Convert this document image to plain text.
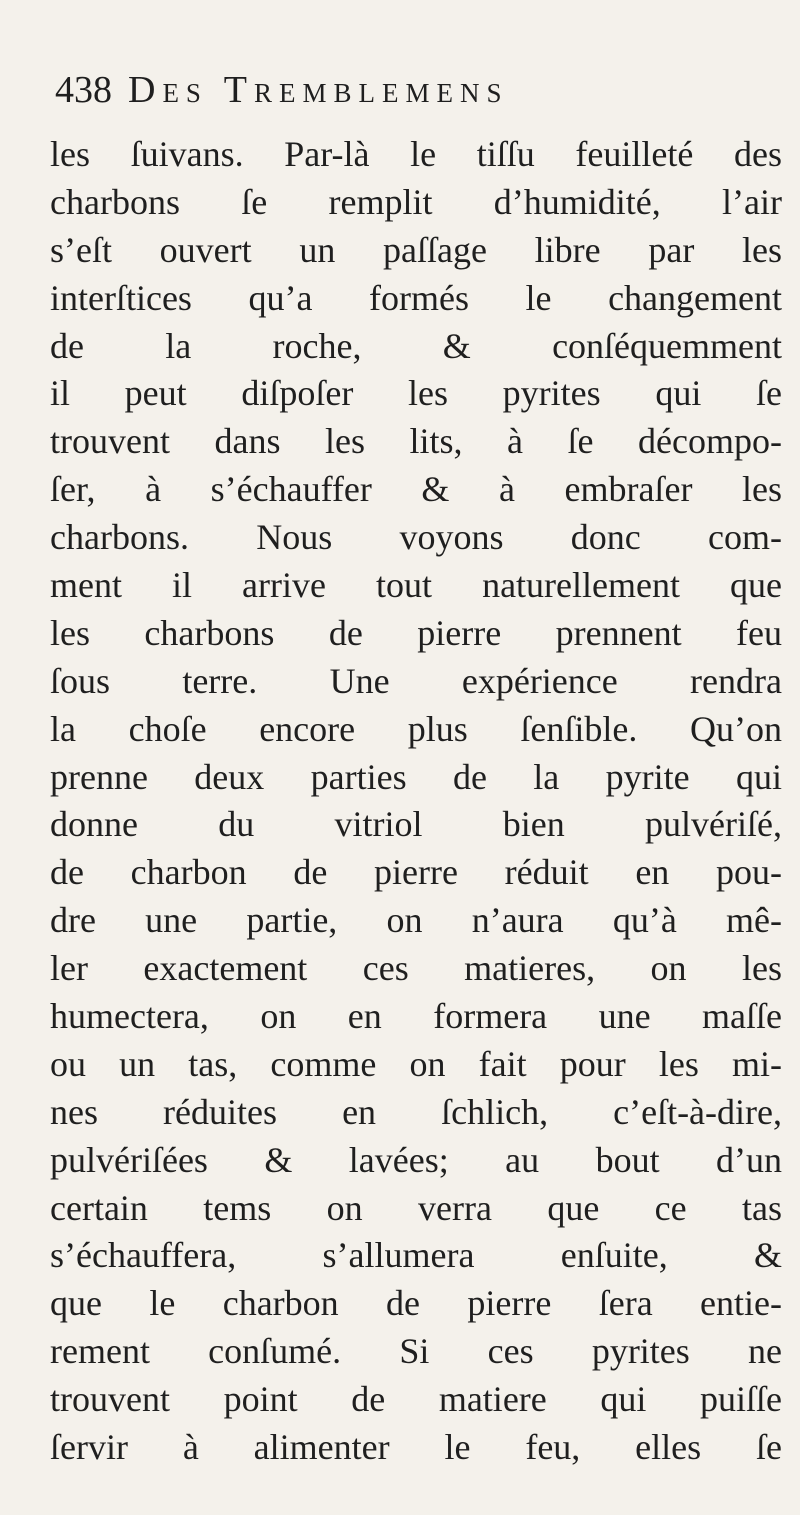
438 Des Tremblemens
les ſuivans. Par-là le tiſſu feuilleté des
charbons ſe remplit d’humidité, l’air
s’eſt ouvert un paſſage libre par les
interſtices qu’a formés le changement
de la roche, & conſéquemment
il peut diſpoſer les pyrites qui ſe
trouvent dans les lits, à ſe décompo-
ſer, à s’échauffer & à embraſer les
charbons. Nous voyons donc com-
ment il arrive tout naturellement que
les charbons de pierre prennent feu
ſous terre. Une expérience rendra
la choſe encore plus ſenſible. Qu’on
prenne deux parties de la pyrite qui
donne du vitriol bien pulvériſé,
de charbon de pierre réduit en pou-
dre une partie, on n’aura qu’à mê-
ler exactement ces matieres, on les
humectera, on en formera une maſſe
ou un tas, comme on fait pour les mi-
nes réduites en ſchlich, c’eſt-à-dire,
pulvériſées & lavées; au bout d’un
certain tems on verra que ce tas
s’échauffera, s’allumera enſuite, &
que le charbon de pierre ſera entie-
rement conſumé. Si ces pyrites ne
trouvent point de matiere qui puiſſe
ſervir à alimenter le feu, elles ſe
